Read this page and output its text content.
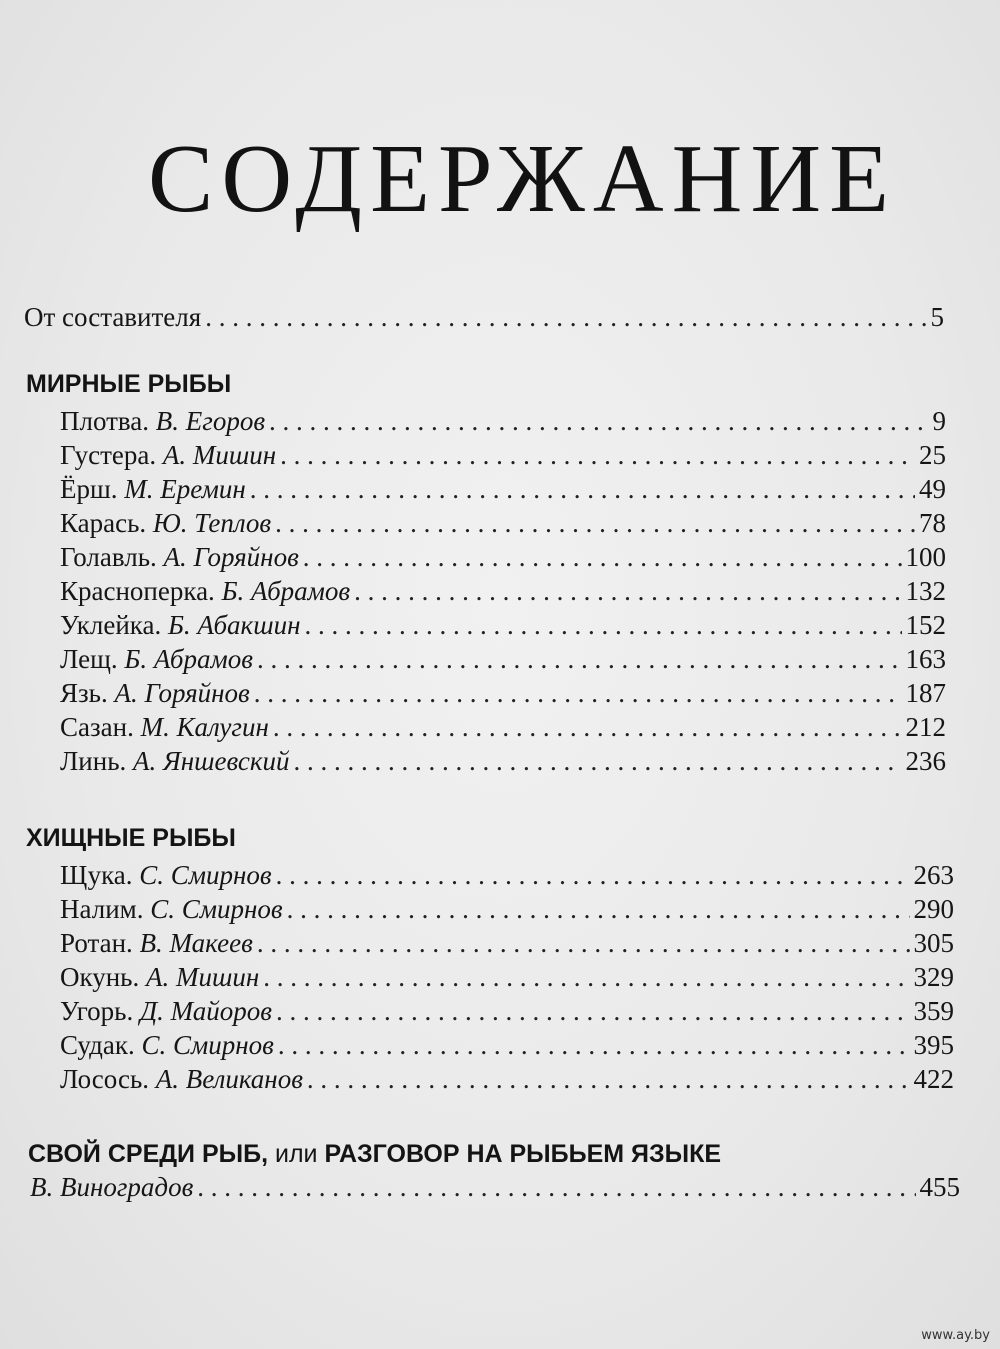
СОДЕРЖАНИЕ
От составителя . . .	5
МИРНЫЕ РЫБЫ
Плотва. В. Егоров . . .	9
Густера. А. Мишин . . .	25
Ёрш. М. Еремин . . .	49
Карась. Ю. Теплов . . .	78
Голавль. А. Горяйнов . . .	100
Красноперка. Б. Абрамов . . .	132
Уклейка. Б. Абакшин . . .	152
Лещ. Б. Абрамов . . .	163
Язь. А. Горяйнов . . .	187
Сазан. М. Калугин . . .	212
Линь. А. Яншевский . . .	236
ХИЩНЫЕ РЫБЫ
Щука. С. Смирнов . . .	263
Налим. С. Смирнов . . .	290
Ротан. В. Макеев . . .	305
Окунь. А. Мишин . . .	329
Угорь. Д. Майоров . . .	359
Судак. С. Смирнов . . .	395
Лосось. А. Великанов . . .	422
СВОЙ СРЕДИ РЫБ, или РАЗГОВОР НА РЫБЬЕМ ЯЗЫКЕ
В. Виноградов . . .	455
www.ay.by
